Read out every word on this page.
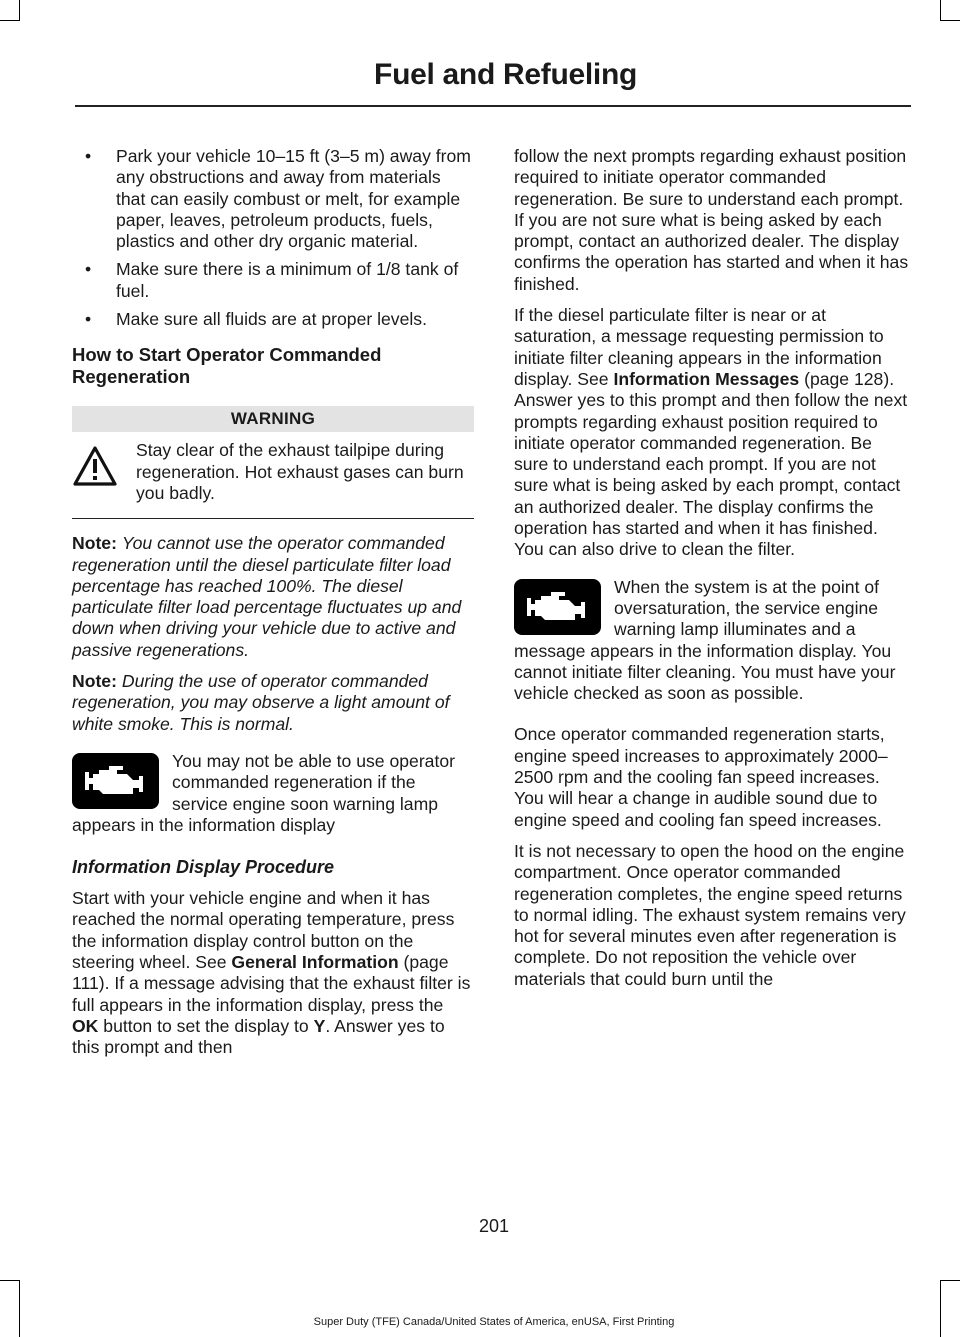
Fuel and Refueling
• Park your vehicle 10–15 ft (3–5 m) away from any obstructions and away from materials that can easily combust or melt, for example paper, leaves, petroleum products, fuels, plastics and other dry organic material.
• Make sure there is a minimum of 1/8 tank of fuel.
• Make sure all fluids are at proper levels.
How to Start Operator Commanded Regeneration
WARNING
Stay clear of the exhaust tailpipe during regeneration. Hot exhaust gases can burn you badly.

Note: You cannot use the operator commanded regeneration until the diesel particulate filter load percentage has reached 100%. The diesel particulate filter load percentage fluctuates up and down when driving your vehicle due to active and passive regenerations.

Note: During the use of operator commanded regeneration, you may observe a light amount of white smoke. This is normal.

You may not be able to use operator commanded regeneration if the service engine soon warning lamp appears in the information display

Information Display Procedure

Start with your vehicle engine and when it has reached the normal operating temperature, press the information display control button on the steering wheel. See General Information (page 111). If a message advising that the exhaust filter is full appears in the information display, press the OK button to set the display to Y. Answer yes to this prompt and then

follow the next prompts regarding exhaust position required to initiate operator commanded regeneration. Be sure to understand each prompt. If you are not sure what is being asked by each prompt, contact an authorized dealer. The display confirms the operation has started and when it has finished.

If the diesel particulate filter is near or at saturation, a message requesting permission to initiate filter cleaning appears in the information display. See Information Messages (page 128). Answer yes to this prompt and then follow the next prompts regarding exhaust position required to initiate operator commanded regeneration. Be sure to understand each prompt. If you are not sure what is being asked by each prompt, contact an authorized dealer. The display confirms the operation has started and when it has finished. You can also drive to clean the filter.

When the system is at the point of oversaturation, the service engine warning lamp illuminates and a message appears in the information display. You cannot initiate filter cleaning. You must have your vehicle checked as soon as possible.

Once operator commanded regeneration starts, engine speed increases to approximately 2000–2500 rpm and the cooling fan speed increases. You will hear a change in audible sound due to engine speed and cooling fan speed increases.

It is not necessary to open the hood on the engine compartment. Once operator commanded regeneration completes, the engine speed returns to normal idling. The exhaust system remains very hot for several minutes even after regeneration is complete. Do not reposition the vehicle over materials that could burn until the

201
Super Duty (TFE) Canada/United States of America, enUSA, First Printing
